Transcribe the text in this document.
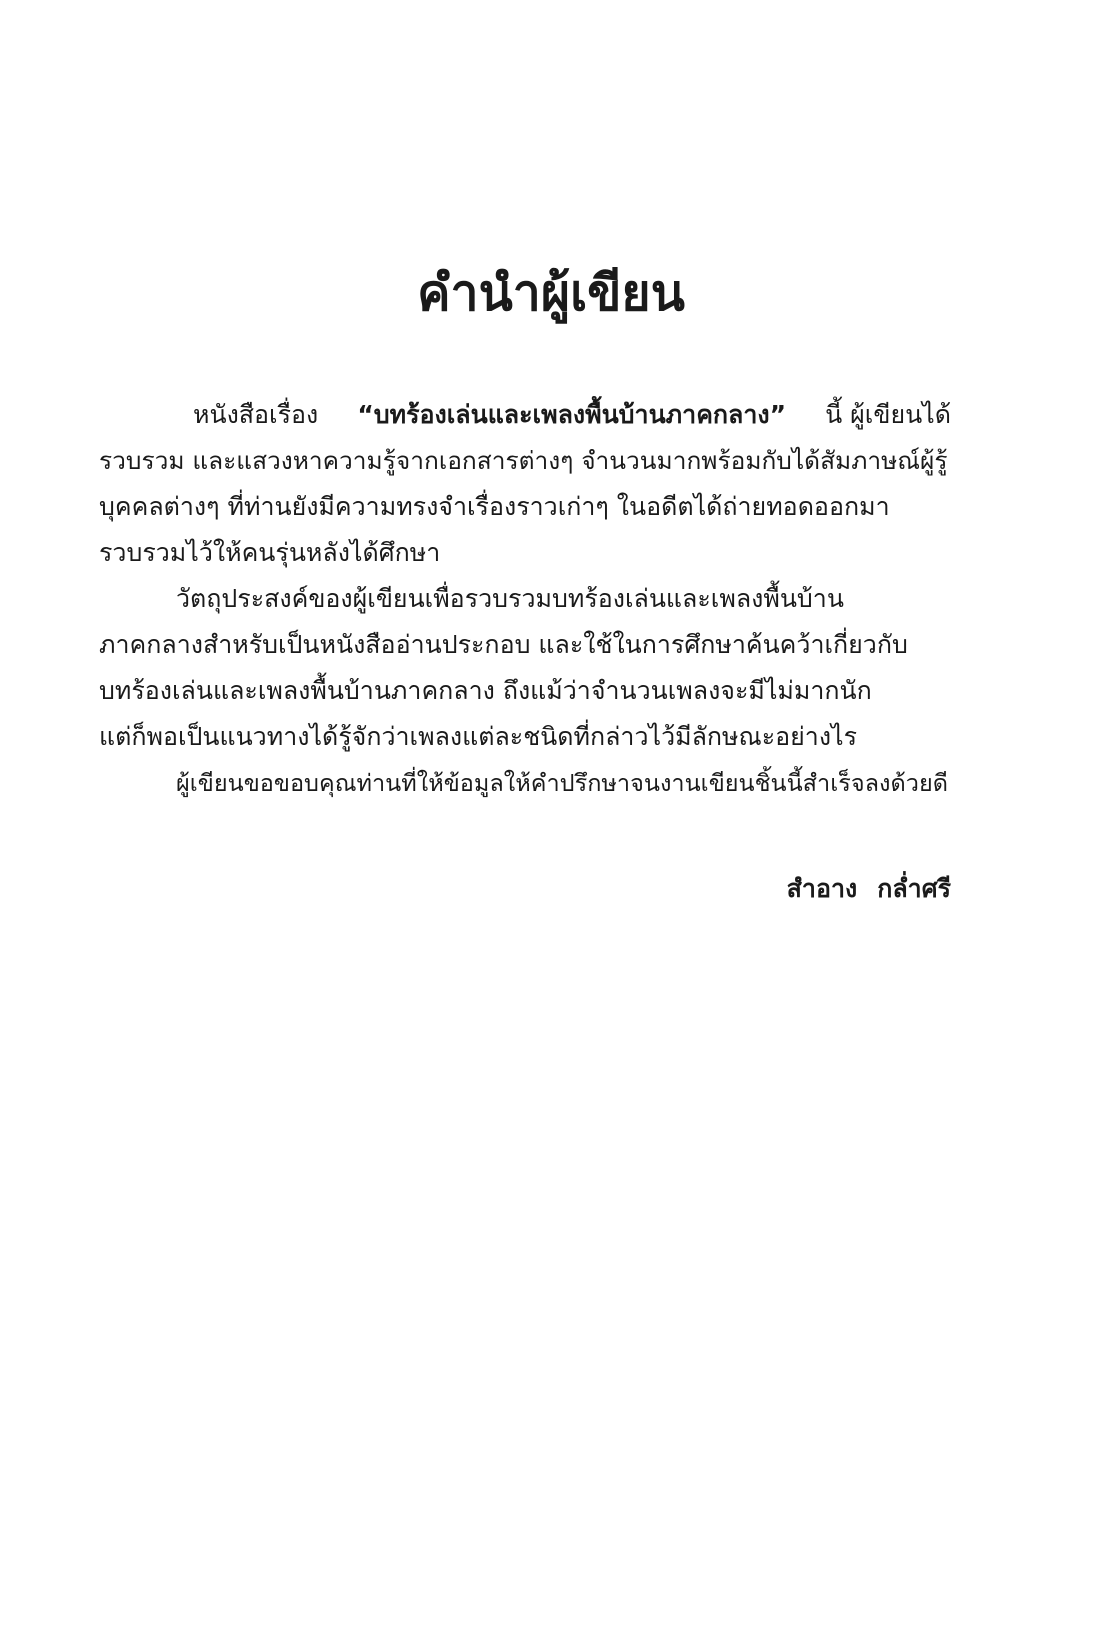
คำนำผู้เขียน
หนังสือเรื่อง “บทร้องเล่นและเพลงพื้นบ้านภาคกลาง” นี้ ผู้เขียนได้
รวบรวม และแสวงหาความรู้จากเอกสารต่างๆ จำนวนมากพร้อมกับได้สัมภาษณ์ผู้รู้
บุคคลต่างๆ ที่ท่านยังมีความทรงจำเรื่องราวเก่าๆ ในอดีตได้ถ่ายทอดออกมา
รวบรวมไว้ให้คนรุ่นหลังได้ศึกษา
วัตถุประสงค์ของผู้เขียนเพื่อรวบรวมบทร้องเล่นและเพลงพื้นบ้าน
ภาคกลางสำหรับเป็นหนังสืออ่านประกอบ และใช้ในการศึกษาค้นคว้าเกี่ยวกับ
บทร้องเล่นและเพลงพื้นบ้านภาคกลาง ถึงแม้ว่าจำนวนเพลงจะมีไม่มากนัก
แต่ก็พอเป็นแนวทางได้รู้จักว่าเพลงแต่ละชนิดที่กล่าวไว้มีลักษณะอย่างไร
ผู้เขียนขอขอบคุณท่านที่ให้ข้อมูลให้คำปรึกษาจนงานเขียนชิ้นนี้สำเร็จลงด้วยดี
สำอาง กล่ำศรี
